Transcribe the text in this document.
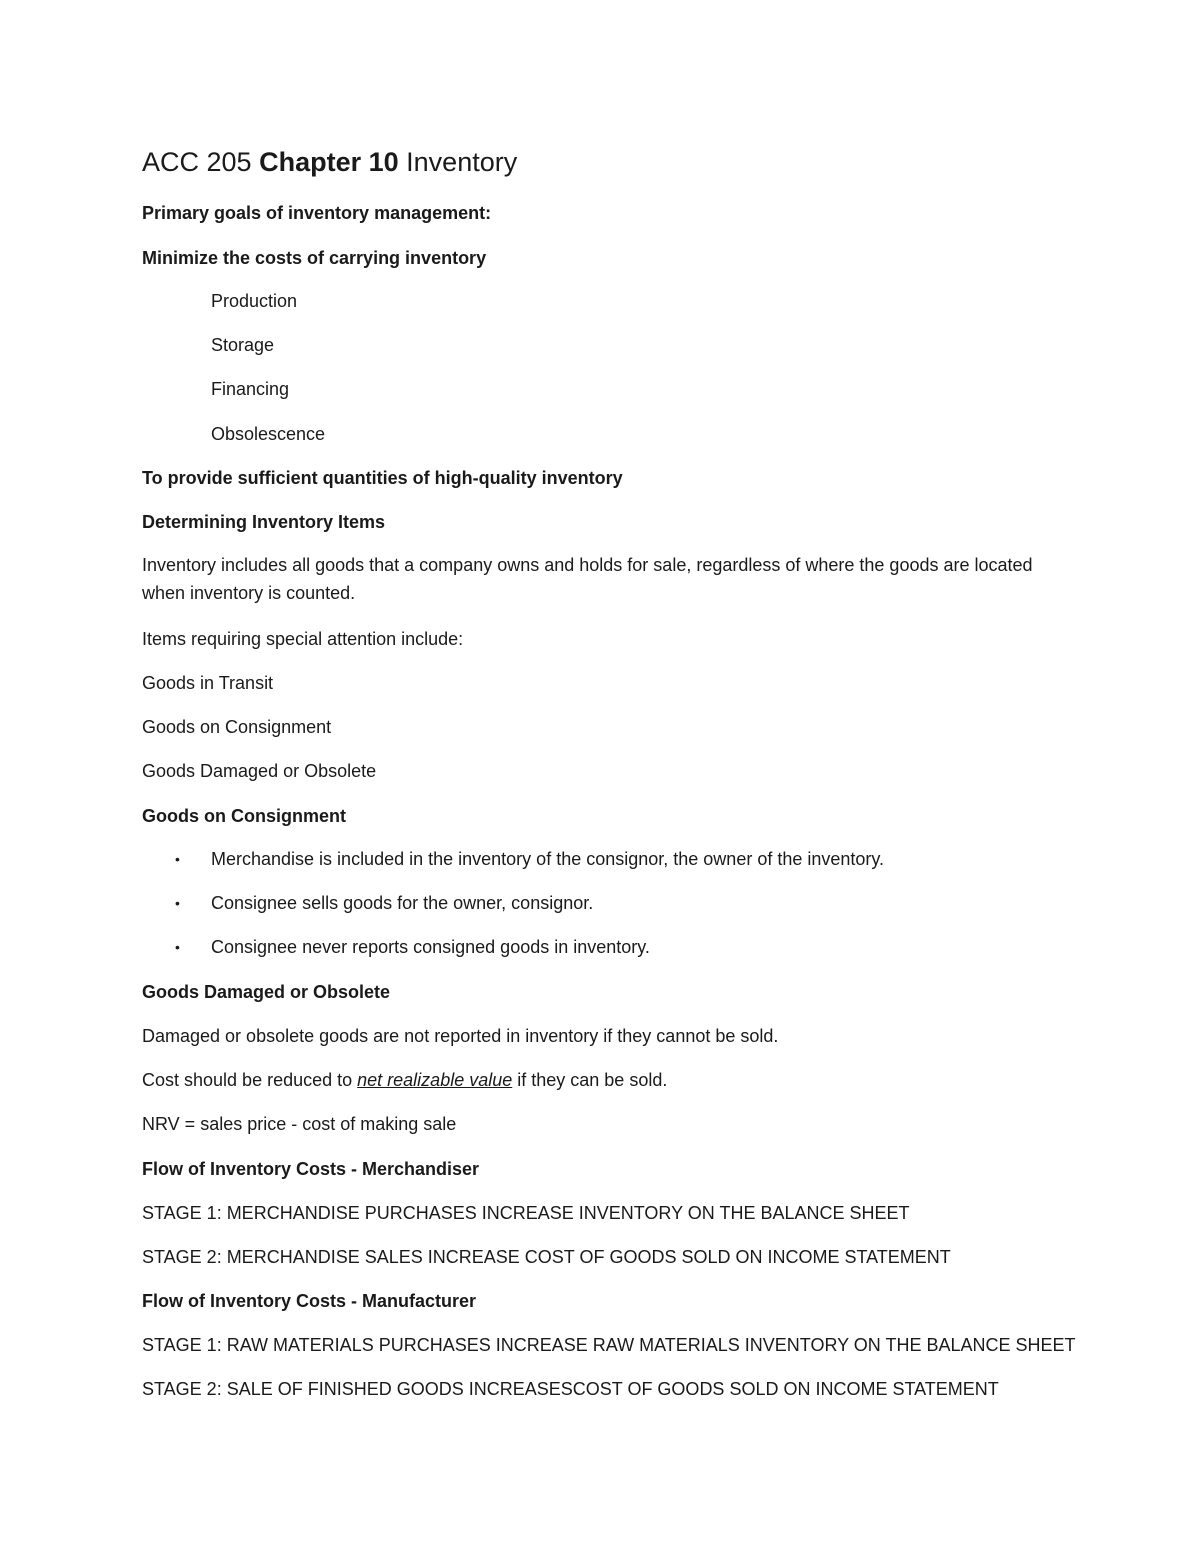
ACC 205 Chapter 10 Inventory
Primary goals of inventory management:
Minimize the costs of carrying inventory
Production
Storage
Financing
Obsolescence
To provide sufficient quantities of high-quality inventory
Determining Inventory Items
Inventory includes all goods that a company owns and holds for sale, regardless of where the goods are located when inventory is counted.
Items requiring special attention include:
Goods in Transit
Goods on Consignment
Goods Damaged or Obsolete
Goods on Consignment
• Merchandise is included in the inventory of the consignor, the owner of the inventory.
• Consignee sells goods for the owner, consignor.
• Consignee never reports consigned goods in inventory.
Goods Damaged or Obsolete
Damaged or obsolete goods are not reported in inventory if they cannot be sold.
Cost should be reduced to net realizable value if they can be sold.
NRV = sales price - cost of making sale
Flow of Inventory Costs - Merchandiser
STAGE 1: MERCHANDISE PURCHASES INCREASE INVENTORY ON THE BALANCE SHEET
STAGE 2: MERCHANDISE SALES INCREASE COST OF GOODS SOLD ON INCOME STATEMENT
Flow of Inventory Costs - Manufacturer
STAGE 1: RAW MATERIALS PURCHASES INCREASE RAW MATERIALS INVENTORY ON THE BALANCE SHEET
STAGE 2: SALE OF FINISHED GOODS INCREASESCOST OF GOODS SOLD ON INCOME STATEMENT
